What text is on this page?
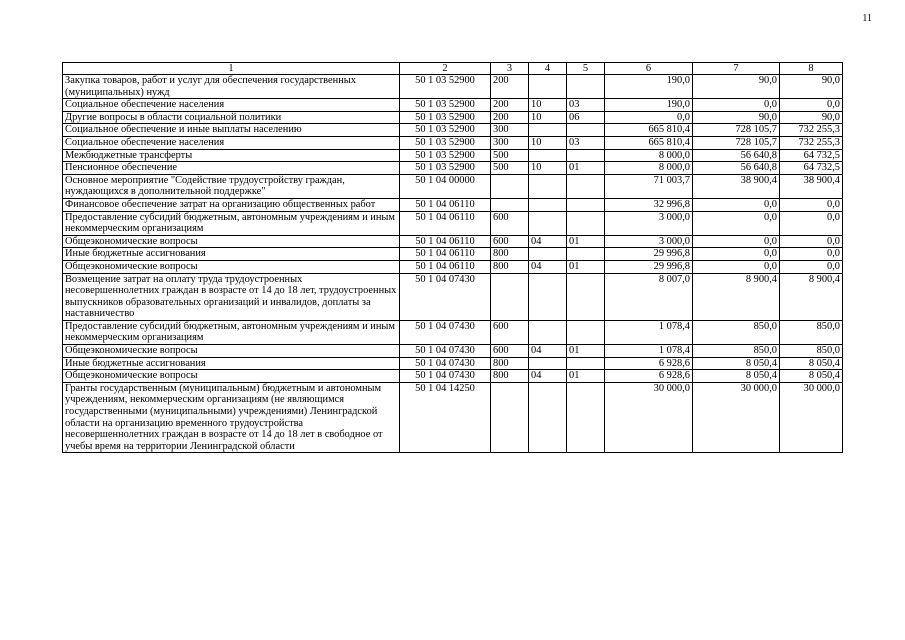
11
1	2	3	4	5	6	7	8
Закупка товаров, работ и услуг для обеспечения государственных (муниципальных) нужд	50 1 03 52900	200			190,0	90,0	90,0
Социальное обеспечение населения	50 1 03 52900	200	10	03	190,0	0,0	0,0
Другие вопросы в области социальной политики	50 1 03 52900	200	10	06	0,0	90,0	90,0
Социальное обеспечение и иные выплаты населению	50 1 03 52900	300			665 810,4	728 105,7	732 255,3
Социальное обеспечение населения	50 1 03 52900	300	10	03	665 810,4	728 105,7	732 255,3
Межбюджетные трансферты	50 1 03 52900	500			8 000,0	56 640,8	64 732,5
Пенсионное обеспечение	50 1 03 52900	500	10	01	8 000,0	56 640,8	64 732,5
Основное мероприятие "Содействие трудоустройству граждан, нуждающихся в дополнительной поддержке"	50 1 04 00000				71 003,7	38 900,4	38 900,4
Финансовое обеспечение затрат на организацию общественных работ	50 1 04 06110				32 996,8	0,0	0,0
Предоставление субсидий бюджетным, автономным учреждениям и иным некоммерческим организациям	50 1 04 06110	600			3 000,0	0,0	0,0
Общеэкономические вопросы	50 1 04 06110	600	04	01	3 000,0	0,0	0,0
Иные бюджетные ассигнования	50 1 04 06110	800			29 996,8	0,0	0,0
Общеэкономические вопросы	50 1 04 06110	800	04	01	29 996,8	0,0	0,0
Возмещение затрат на оплату труда трудоустроенных несовершеннолетних граждан в возрасте от 14 до 18 лет, трудоустроенных выпускников образовательных организаций и инвалидов, доплаты за наставничество	50 1 04 07430				8 007,0	8 900,4	8 900,4
Предоставление субсидий бюджетным, автономным учреждениям и иным некоммерческим организациям	50 1 04 07430	600			1 078,4	850,0	850,0
Общеэкономические вопросы	50 1 04 07430	600	04	01	1 078,4	850,0	850,0
Иные бюджетные ассигнования	50 1 04 07430	800			6 928,6	8 050,4	8 050,4
Общеэкономические вопросы	50 1 04 07430	800	04	01	6 928,6	8 050,4	8 050,4
Гранты государственным (муниципальным) бюджетным и автономным учреждениям, некоммерческим организациям (не являющимся государственными (муниципальными) учреждениями) Ленинградской области на организацию временного трудоустройства несовершеннолетних граждан в возрасте от 14 до 18 лет в свободное от учебы время на территории Ленинградской области	50 1 04 14250				30 000,0	30 000,0	30 000,0
